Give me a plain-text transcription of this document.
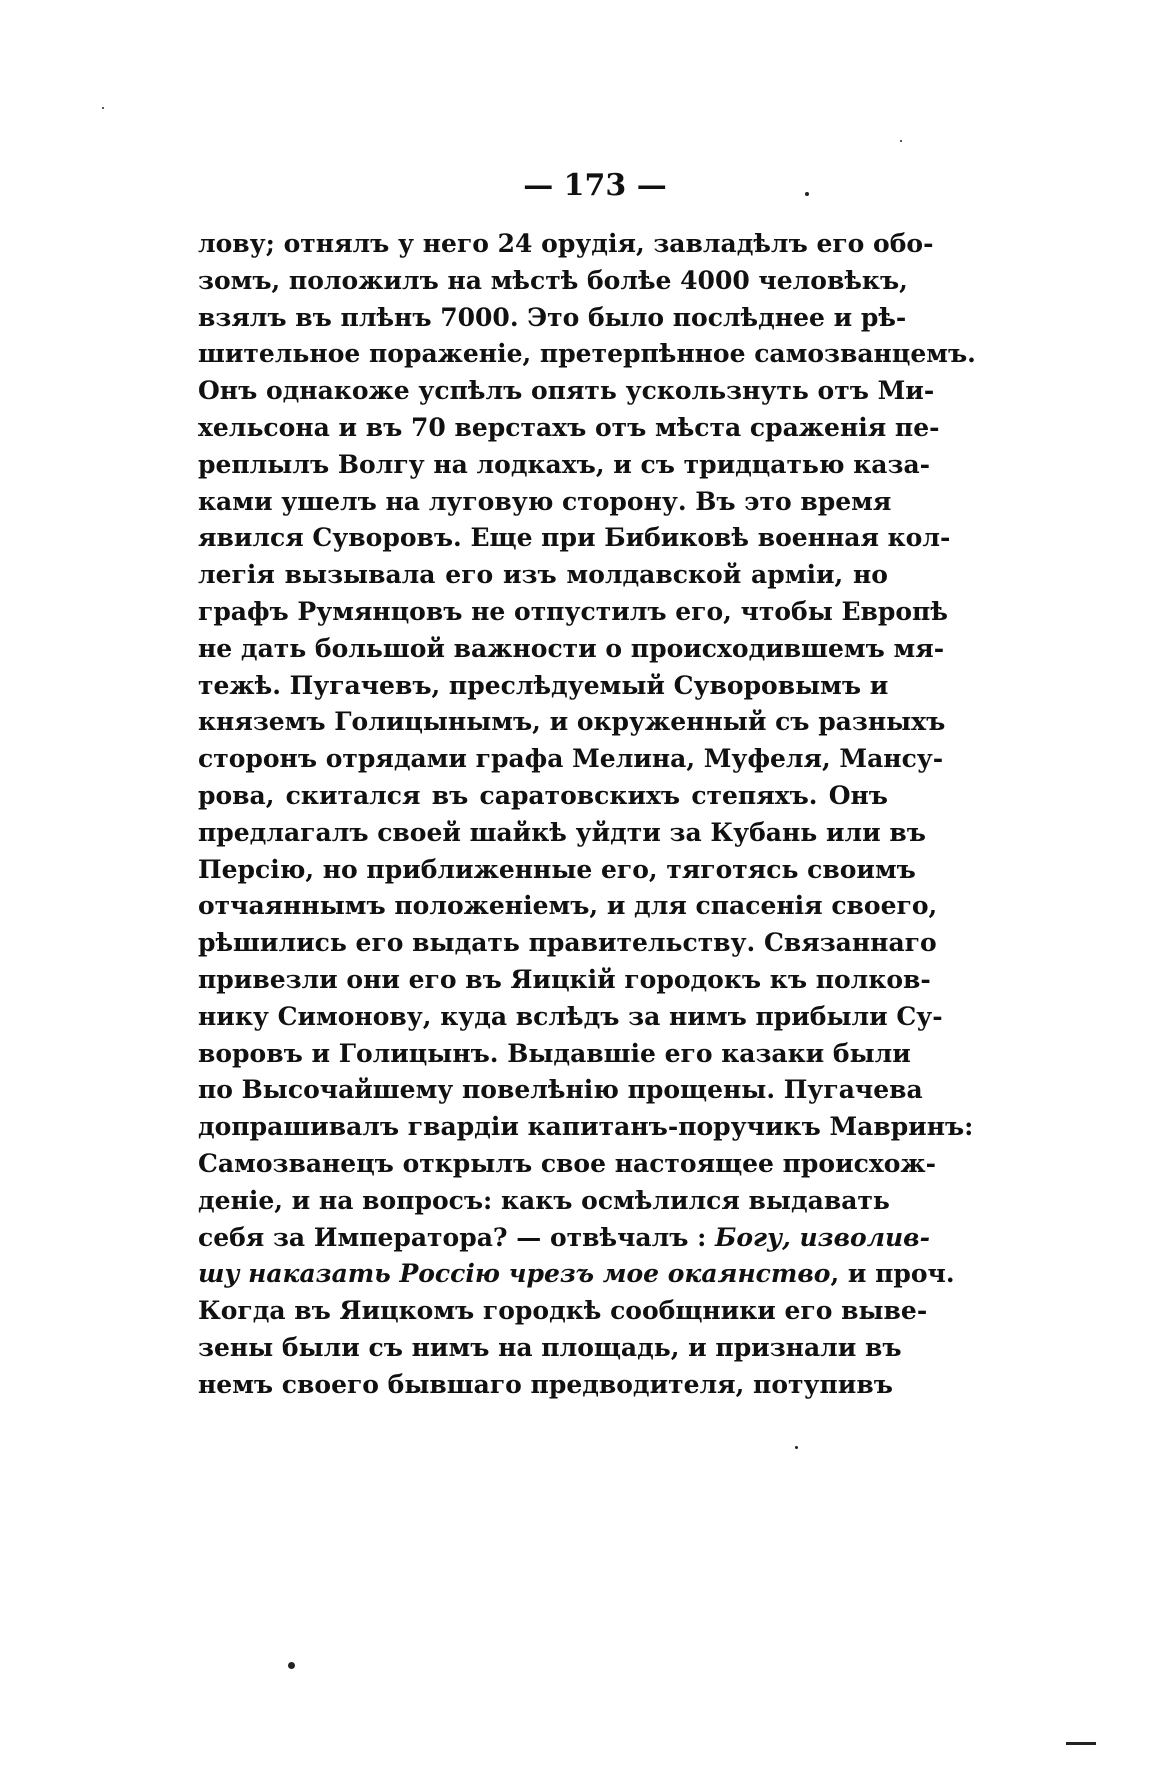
— 173 —
лову; отнялъ у него 24 орудія, завладѣлъ его обо-
зомъ, положилъ на мѣстѣ болѣе 4000 человѣкъ,
взялъ въ плѣнъ 7000. Это было послѣднее и рѣ-
шительное пораженіе, претерпѣнное самозванцемъ.
Онъ однакоже успѣлъ опять ускользнуть отъ Ми-
хельсона и въ 70 верстахъ отъ мѣста сраженія пе-
реплылъ Волгу на лодкахъ, и съ тридцатью каза-
ками ушелъ на луговую сторону. Въ это время
явился Суворовъ. Еще при Бибиковѣ военная кол-
легія вызывала его изъ молдавской арміи, но
графъ Румянцовъ не отпустилъ его, чтобы Европѣ
не дать большой важности о происходившемъ мя-
тежѣ. Пугачевъ, преслѣдуемый Суворовымъ и
княземъ Голицынымъ, и окруженный съ разныхъ
сторонъ отрядами графа Мелина, Муфеля, Мансу-
рова, скитался въ саратовскихъ степяхъ. Онъ
предлагалъ своей шайкѣ уйдти за Кубань или въ
Персію, но приближенные его, тяготясь своимъ
отчаяннымъ положеніемъ, и для спасенія своего,
рѣшились его выдать правительству. Связаннаго
привезли они его въ Яицкій городокъ къ полков-
нику Симонову, куда вслѣдъ за нимъ прибыли Су-
воровъ и Голицынъ. Выдавшіе его казаки были
по Высочайшему повелѣнію прощены. Пугачева
допрашивалъ гвардіи капитанъ-поручикъ Мавринъ:
Самозванецъ открылъ свое настоящее происхож-
деніе, и на вопросъ: какъ осмѣлился выдавать
себя за Императора? — отвѣчалъ : Богу, изволив-
шу наказать Россію чрезъ мое окаянство, и проч.
Когда въ Яицкомъ городкѣ сообщники его вывe-
зены были съ нимъ на площадь, и признали въ
немъ своего бывшаго предводителя, потупивъ
